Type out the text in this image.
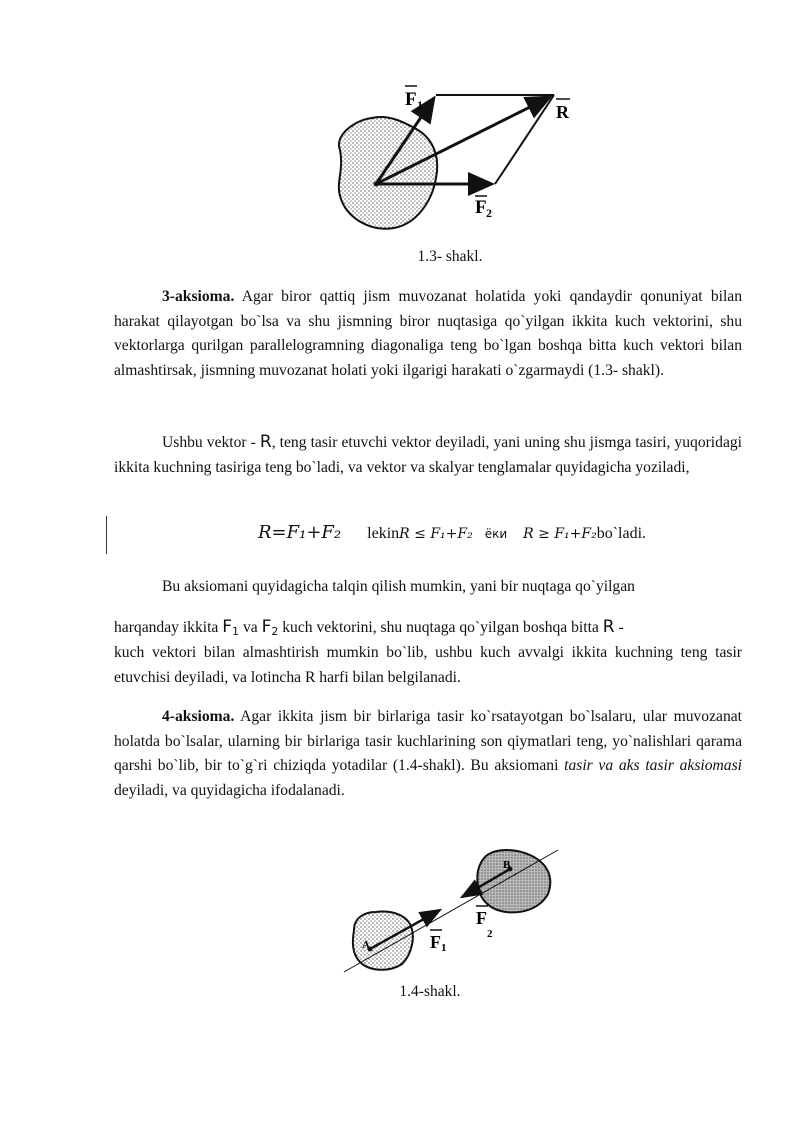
F 1	R
F 2
1.3- shakl.
3-aksioma. Agar biror qattiq jism muvozanat holatida yoki qandaydir qonuniyat bilan harakat qilayotgan bo`lsa va shu jismning biror nuqtasiga qo`yilgan ikkita kuch vektorini, shu vektorlarga qurilgan parallelogramning diagonaliga teng bo`lgan boshqa bitta kuch vektori bilan almashtirsak, jismning muvozanat holati yoki ilgarigi harakati o`zgarmaydi (1.3- shakl).
Ushbu vektor - R, teng tasir etuvchi vektor deyiladi, yani uning shu jismga tasiri, yuqoridagi ikkita kuchning tasiriga teng bo`ladi, va vektor va skalyar tenglamalar quyidagicha yoziladi,
R=F₁+F₂ lekinR ≤ F₁+F₂ ёки R ≥ F₁+F₂bo`ladi.
Bu aksiomani quyidagicha talqin qilish mumkin, yani bir nuqtaga qo`yilgan
harqanday ikkita $F_1$ va $F_2$ kuch vektorini, shu nuqtaga qo`yilgan boshqa bitta R -
kuch vektori bilan almashtirish mumkin bo`lib, ushbu kuch avvalgi ikkita kuchning teng tasir etuvchisi deyiladi, va lotincha R harfi bilan belgilanadi.
4-aksioma. Agar ikkita jism bir birlariga tasir ko`rsatayotgan bo`lsalaru, ular muvozanat holatda bo`lsalar, ularning bir birlariga tasir kuchlarining son qiymatlari teng, yo`nalishlari qarama qarshi bo`lib, bir to`g`ri chiziqda yotadilar (1.4-shakl). Bu aksiomani tasir va aks tasir aksiomasi deyiladi, va quyidagicha ifodalanadi.
A
B
F 1
F
2
1.4-shakl.
